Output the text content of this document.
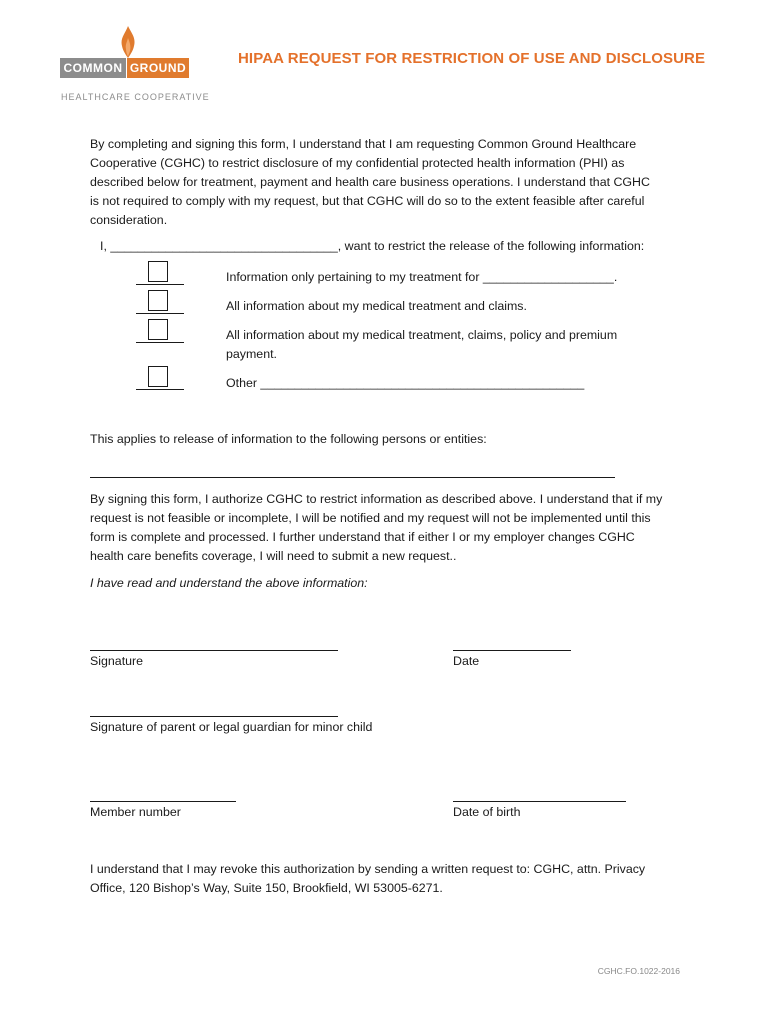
COMMON GROUND
HEALTHCARE COOPERATIVE
HIPAA REQUEST FOR RESTRICTION OF USE AND DISCLOSURE
By completing and signing this form, I understand that I am requesting Common Ground Healthcare
Cooperative (CGHC) to restrict disclosure of my confidential protected health information (PHI) as
described below for treatment, payment and health care business operations. I understand that CGHC
is not required to comply with my request, but that CGHC will do so to the extent feasible after careful
consideration.
I, _________________________________, want to restrict the release of the following information:
Information only pertaining to my treatment for ___________________.
All information about my medical treatment and claims.
All information about my medical treatment, claims, policy and premium
payment.
Other _______________________________________________
This applies to release of information to the following persons or entities:
By signing this form, I authorize CGHC to restrict information as described above. I understand that if my
request is not feasible or incomplete, I will be notified and my request will not be implemented until this
form is complete and processed. I further understand that if either I or my employer changes CGHC
health care benefits coverage, I will need to submit a new request..
I have read and understand the above information:
Signature	Date
Signature of parent or legal guardian for minor child
Member number	Date of birth
I understand that I may revoke this authorization by sending a written request to: CGHC, attn. Privacy
Office, 120 Bishop’s Way, Suite 150, Brookfield, WI 53005-6271.
CGHC.FO.1022-2016
